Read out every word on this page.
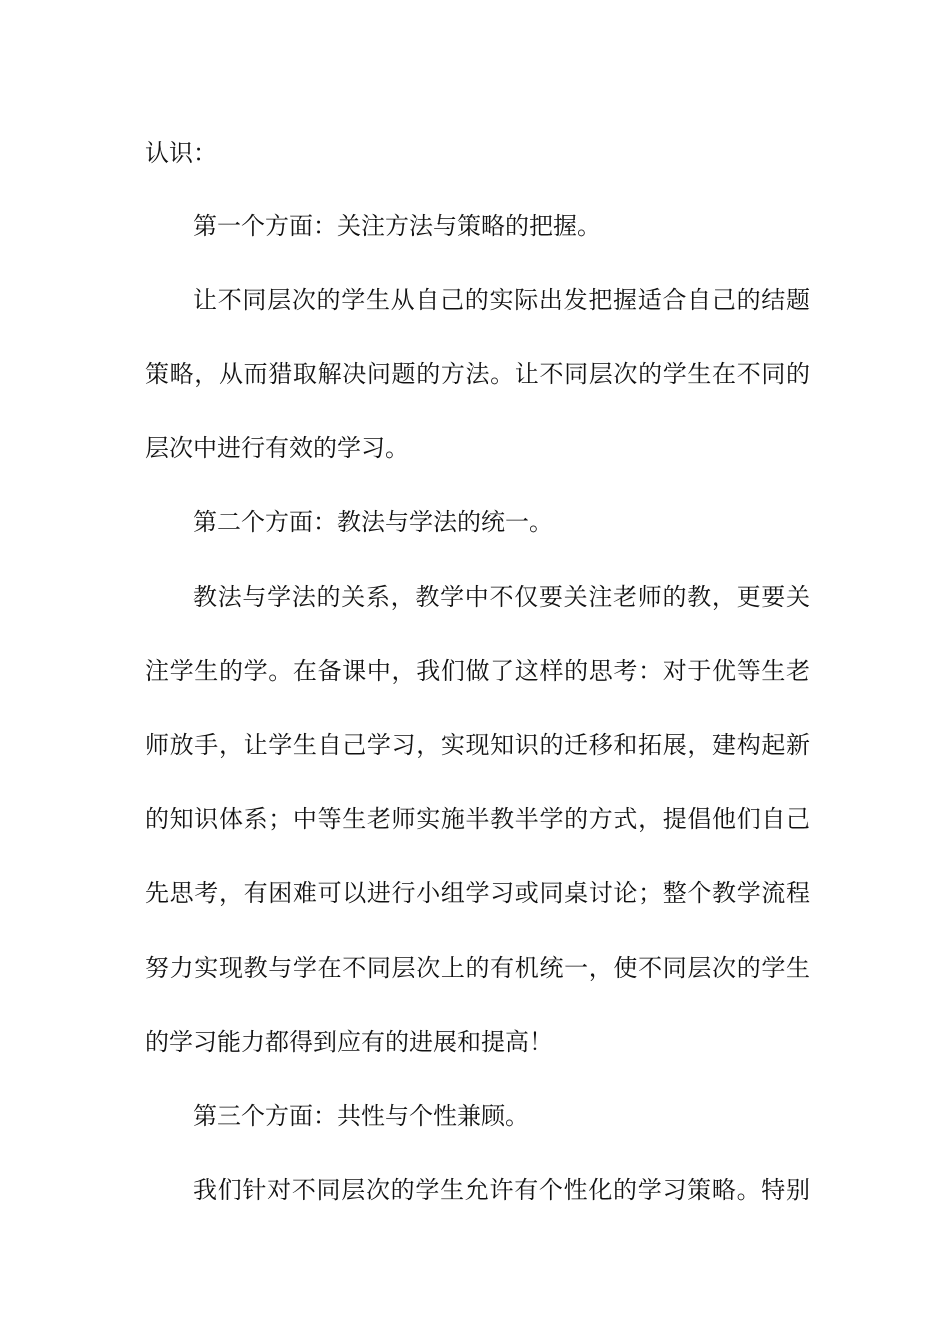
认识：
第一个方面：关注方法与策略的把握。
让不同层次的学生从自己的实际出发把握适合自己的结题
策略，从而猎取解决问题的方法。让不同层次的学生在不同的
层次中进行有效的学习。
第二个方面：教法与学法的统一。
教法与学法的关系，教学中不仅要关注老师的教，更要关
注学生的学。在备课中，我们做了这样的思考：对于优等生老
师放手，让学生自己学习，实现知识的迁移和拓展，建构起新
的知识体系；中等生老师实施半教半学的方式，提倡他们自己
先思考，有困难可以进行小组学习或同桌讨论；整个教学流程
努力实现教与学在不同层次上的有机统一，使不同层次的学生
的学习能力都得到应有的进展和提高！
第三个方面：共性与个性兼顾。
我们针对不同层次的学生允许有个性化的学习策略。特别
